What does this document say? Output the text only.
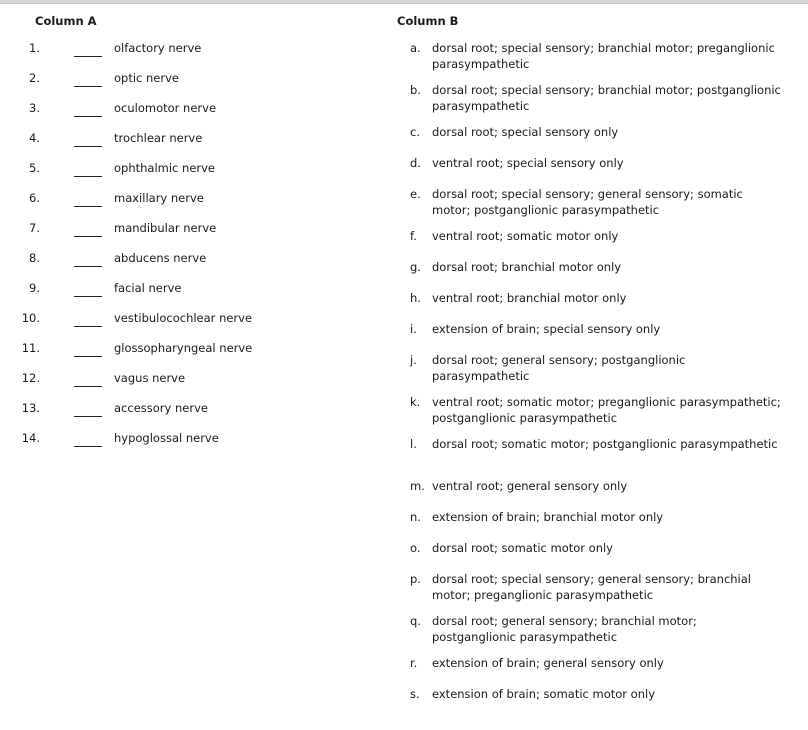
Column A	Column B
1.	olfactory nerve
2.	optic nerve
3.	oculomotor nerve
4.	trochlear nerve
5.	ophthalmic nerve
6.	maxillary nerve
7.	mandibular nerve
8.	abducens nerve
9.	facial nerve
10.	vestibulocochlear nerve
11.	glossopharyngeal nerve
12.	vagus nerve
13.	accessory nerve
14.	hypoglossal nerve
a. dorsal root; special sensory; branchial motor; preganglionic parasympathetic
b. dorsal root; special sensory; branchial motor; postganglionic parasympathetic
c.	dorsal root; special sensory only
d. ventral root; special sensory only
e. dorsal root; special sensory; general sensory; somatic motor; postganglionic parasympathetic
f.	ventral root; somatic motor only
g. dorsal root; branchial motor only
h. ventral root; branchial motor only
i.	extension of brain; special sensory only
j.	dorsal root; general sensory; postganglionic parasympathetic
k.	ventral root; somatic motor; preganglionic parasympathetic; postganglionic parasympathetic
l.	dorsal root; somatic motor; postganglionic parasympathetic
m. ventral root; general sensory only
n. extension of brain; branchial motor only
o.	dorsal root; somatic motor only
p. dorsal root; special sensory; general sensory; branchial motor; preganglionic parasympathetic
q. dorsal root; general sensory; branchial motor; postganglionic parasympathetic
r.	extension of brain; general sensory only
s.	extension of brain; somatic motor only
